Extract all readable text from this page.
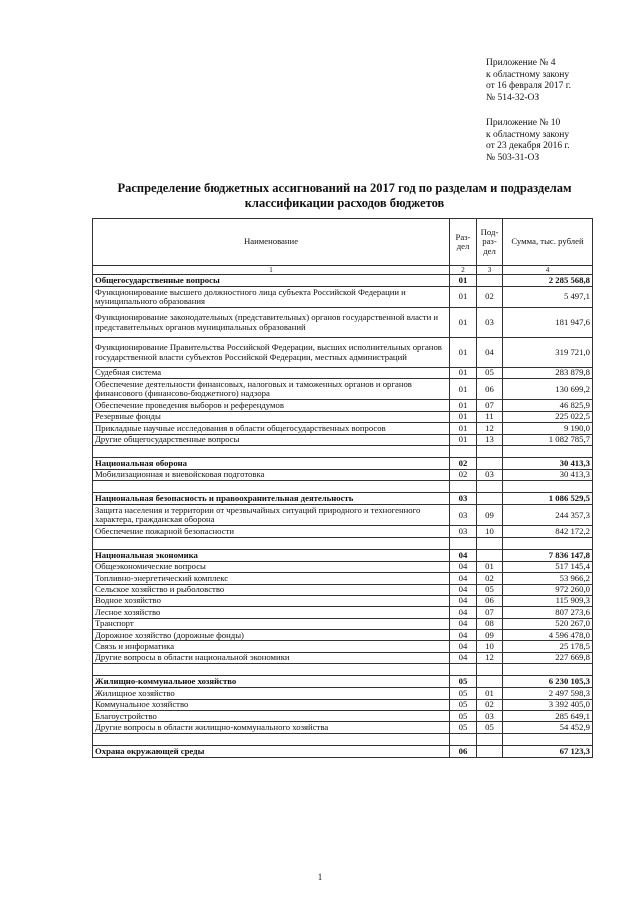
Приложение № 4
к областному закону
от 16 февраля 2017 г.
№ 514-32-ОЗ
Приложение № 10
к областному закону
от 23 декабря 2016 г.
№ 503-31-ОЗ
Распределение бюджетных ассигнований на 2017 год по разделам и подразделам
классификации расходов бюджетов
Наименование	Раз-дел	Под-раз-дел	Сумма, тыс. рублей
1	2	3	4
Общегосударственные вопросы	01		2 285 568,8
Функционирование высшего должностного лица субъекта Российской Федерации и муниципального образования	01	02	5 497,1
Функционирование законодательных (представительных) органов государственной власти и представительных органов муниципальных образований	01	03	181 947,6
Функционирование Правительства Российской Федерации, высших исполнительных органов государственной власти субъектов Российской Федерации, местных администраций	01	04	319 721,0
Судебная система	01	05	283 879,8
Обеспечение деятельности финансовых, налоговых и таможенных органов и органов финансового (финансово-бюджетного) надзора	01	06	130 699,2
Обеспечение проведения выборов и референдумов	01	07	46 825,9
Резервные фонды	01	11	225 022,5
Прикладные научные исследования в области общегосударственных вопросов	01	12	9 190,0
Другие общегосударственные вопросы	01	13	1 082 785,7

Национальная оборона	02		30 413,3
Мобилизационная и вневойсковая подготовка	02	03	30 413,3

Национальная безопасность и правоохранительная деятельность	03		1 086 529,5
Защита населения и территории от чрезвычайных ситуаций природного и техногенного характера, гражданская оборона	03	09	244 357,3
Обеспечение пожарной безопасности	03	10	842 172,2

Национальная экономика	04		7 836 147,8
Общеэкономические вопросы	04	01	517 145,4
Топливно-энергетический комплекс	04	02	53 966,2
Сельское хозяйство и рыболовство	04	05	972 260,0
Водное хозяйство	04	06	115 909,3
Лесное хозяйство	04	07	807 273,6
Транспорт	04	08	520 267,0
Дорожное хозяйство (дорожные фонды)	04	09	4 596 478,0
Связь и информатика	04	10	25 178,5
Другие вопросы в области национальной экономики	04	12	227 669,8

Жилищно-коммунальное хозяйство	05		6 230 105,3
Жилищное хозяйство	05	01	2 497 598,3
Коммунальное хозяйство	05	02	3 392 405,0
Благоустройство	05	03	285 649,1
Другие вопросы в области жилищно-коммунального хозяйства	05	05	54 452,9

Охрана окружающей среды	06		67 123,3
1
